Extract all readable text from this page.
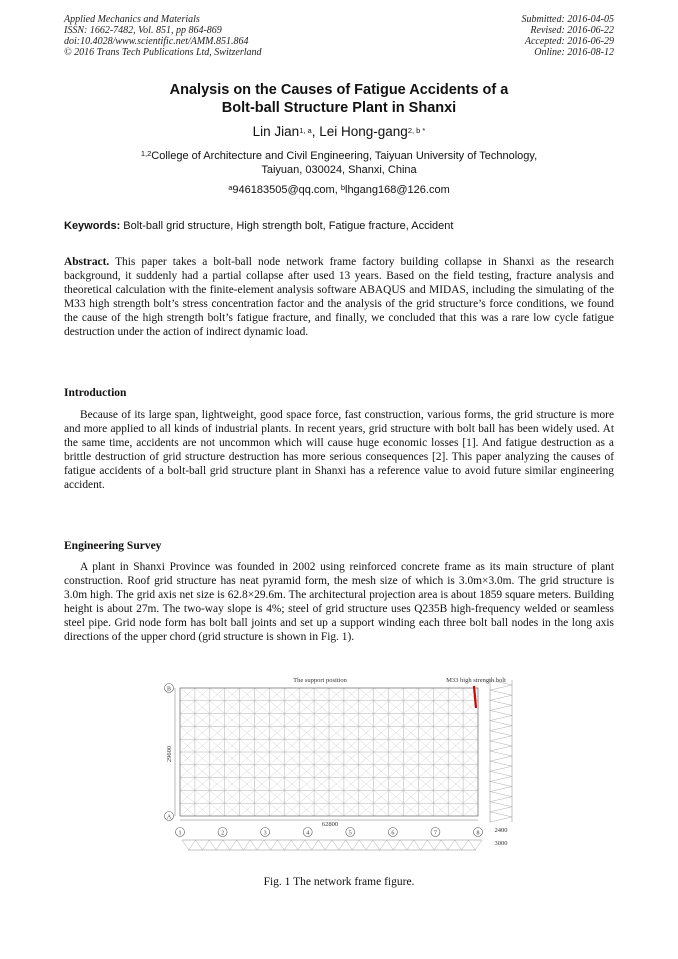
Applied Mechanics and Materials
ISSN: 1662-7482, Vol. 851, pp 864-869
doi:10.4028/www.scientific.net/AMM.851.864
© 2016 Trans Tech Publications Ltd, Switzerland
Submitted: 2016-04-05
Revised: 2016-06-22
Accepted: 2016-06-29
Online: 2016-08-12
Analysis on the Causes of Fatigue Accidents of a
Bolt-ball Structure Plant in Shanxi
Lin Jian$^{1, a}$, Lei Hong-gang$^{2, b *}$
$^{1,2}$College of Architecture and Civil Engineering, Taiyuan University of Technology,
Taiyuan, 030024, Shanxi, China
$^a$946183505@qq.com, $^b$lhgang168@126.com
Keywords: Bolt-ball grid structure, High strength bolt, Fatigue fracture, Accident
Abstract. This paper takes a bolt-ball node network frame factory building collapse in Shanxi as the research background, it suddenly had a partial collapse after used 13 years. Based on the field testing, fracture analysis and theoretical calculation with the finite-element analysis software ABAQUS and MIDAS, including the simulating of the M33 high strength bolt’s stress concentration factor and the analysis of the grid structure’s force conditions, we found the cause of the high strength bolt’s fatigue fracture, and finally, we concluded that this was a rare low cycle fatigue destruction under the action of indirect dynamic load.
Introduction
Because of its large span, lightweight, good space force, fast construction, various forms, the grid structure is more and more applied to all kinds of industrial plants. In recent years, grid structure with bolt ball has been widely used. At the same time, accidents are not uncommon which will cause huge economic losses [1]. And fatigue destruction as a brittle destruction of grid structure destruction has more serious consequences [2]. This paper analyzing the causes of fatigue accidents of a bolt-ball grid structure plant in Shanxi has a reference value to avoid future similar engineering accident.
Engineering Survey
A plant in Shanxi Province was founded in 2002 using reinforced concrete frame as its main structure of plant construction. Roof grid structure has neat pyramid form, the mesh size of which is 3.0m×3.0m. The grid structure is 3.0m high. The grid axis net size is 62.8×29.6m. The architectural projection area is about 1859 square meters. Building height is about 27m. The two-way slope is 4%; steel of grid structure uses Q235B high-frequency welded or seamless steel pipe. Grid node form has bolt ball joints and set up a support winding each three bolt ball nodes in the long axis directions of the upper chord (grid structure is shown in Fig. 1).
1	2	3	4	5	6	7	8
The support position	M33 high strength bolt
29600
62800
2400
3000
B
A
Fig. 1 The network frame figure.
